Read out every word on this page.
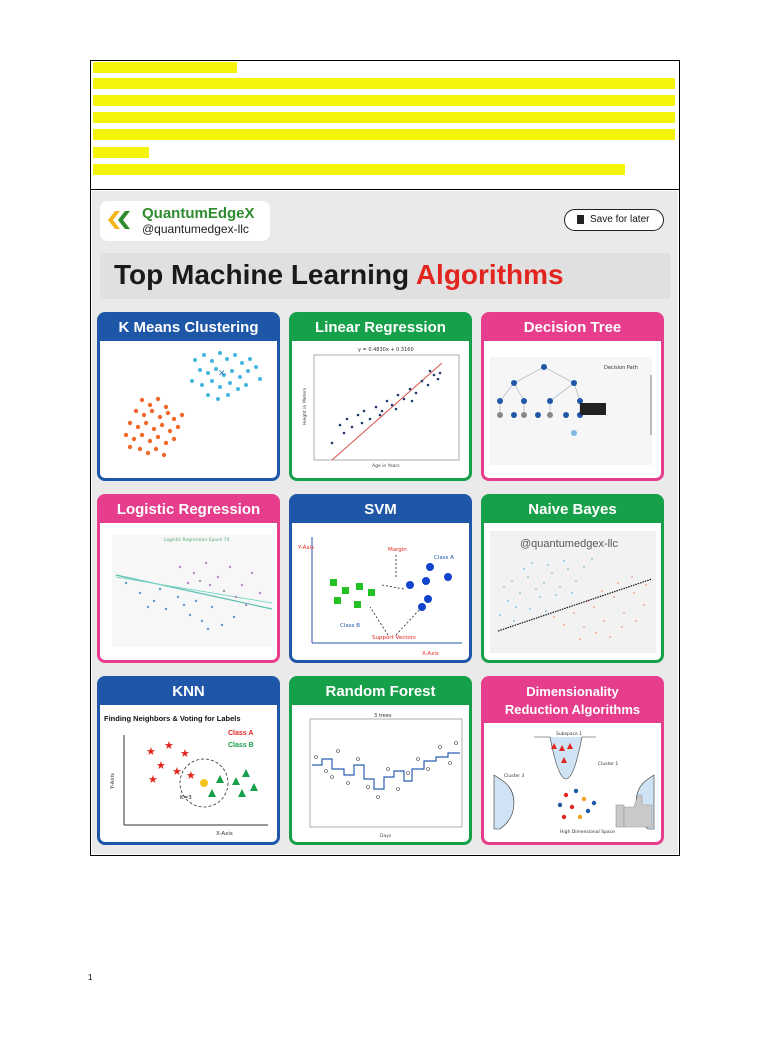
QuantumEdgeX
@quantumedgex-llc
Save for later
Top Machine Learning Algorithms
K Means Clustering
✕
Linear Regression
y = 0.4830x + 0.3160
Age in Years
Height in Meters
Decision Tree
Decision Path
Logistic Regression
Logistic Regression Epoch 74
SVM
Y-Axis
X-Axis
Margin
Class A
Class B
Support Vectors
Naive Bayes
@quantumedgex-llc
KNN
Finding Neighbors & Voting for Labels
Class A
Class B
Y-Axis
X-Axis
K=3
★ ★
★
★ ★ ★
★
Random Forest
3 trees
Days
Dimensionality
Reduction Algorithms
Subspace 1
Cluster 1
Cluster 3
High Dimensional Space
1.6K
1
